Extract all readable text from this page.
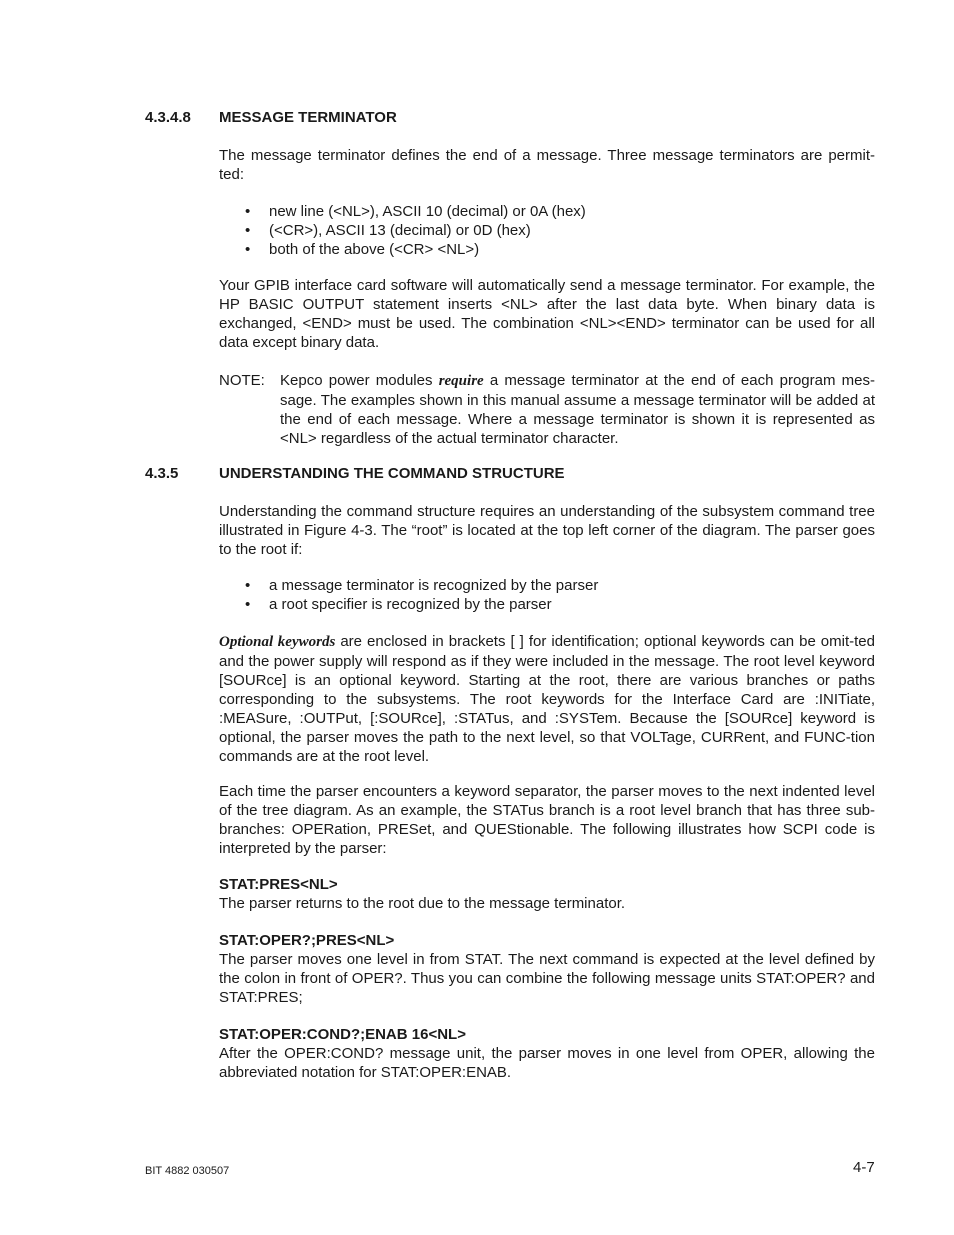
4.3.4.8 MESSAGE TERMINATOR
The message terminator defines the end of a message. Three message terminators are permit-ted:
• new line (<NL>), ASCII 10 (decimal) or 0A (hex)
• (<CR>), ASCII 13 (decimal) or 0D (hex)
• both of the above (<CR> <NL>)
Your GPIB interface card software will automatically send a message terminator. For example, the HP BASIC OUTPUT statement inserts <NL> after the last data byte. When binary data is exchanged, <END> must be used. The combination <NL><END> terminator can be used for all data except binary data.
NOTE: Kepco power modules require a message terminator at the end of each program mes-sage. The examples shown in this manual assume a message terminator will be added at the end of each message. Where a message terminator is shown it is represented as <NL> regardless of the actual terminator character.
4.3.5	UNDERSTANDING THE COMMAND STRUCTURE
Understanding the command structure requires an understanding of the subsystem command tree illustrated in Figure 4-3. The “root” is located at the top left corner of the diagram. The parser goes to the root if:
• a message terminator is recognized by the parser
• a root specifier is recognized by the parser
Optional keywords are enclosed in brackets [ ] for identification; optional keywords can be omit-ted and the power supply will respond as if they were included in the message. The root level keyword [SOURce] is an optional keyword. Starting at the root, there are various branches or paths corresponding to the subsystems. The root keywords for the Interface Card are :INITiate, :MEASure, :OUTPut, [:SOURce], :STATus, and :SYSTem. Because the [SOURce] keyword is optional, the parser moves the path to the next level, so that VOLTage, CURRent, and FUNC-tion commands are at the root level.
Each time the parser encounters a keyword separator, the parser moves to the next indented level of the tree diagram. As an example, the STATus branch is a root level branch that has three sub-branches: OPERation, PRESet, and QUEStionable. The following illustrates how SCPI code is interpreted by the parser:
STAT:PRES<NL>
The parser returns to the root due to the message terminator.
STAT:OPER?;PRES<NL>
The parser moves one level in from STAT. The next command is expected at the level defined by the colon in front of OPER?. Thus you can combine the following message units STAT:OPER? and STAT:PRES;
STAT:OPER:COND?;ENAB 16<NL>
After the OPER:COND? message unit, the parser moves in one level from OPER, allowing the abbreviated notation for STAT:OPER:ENAB.
BIT 4882 030507	4-7
